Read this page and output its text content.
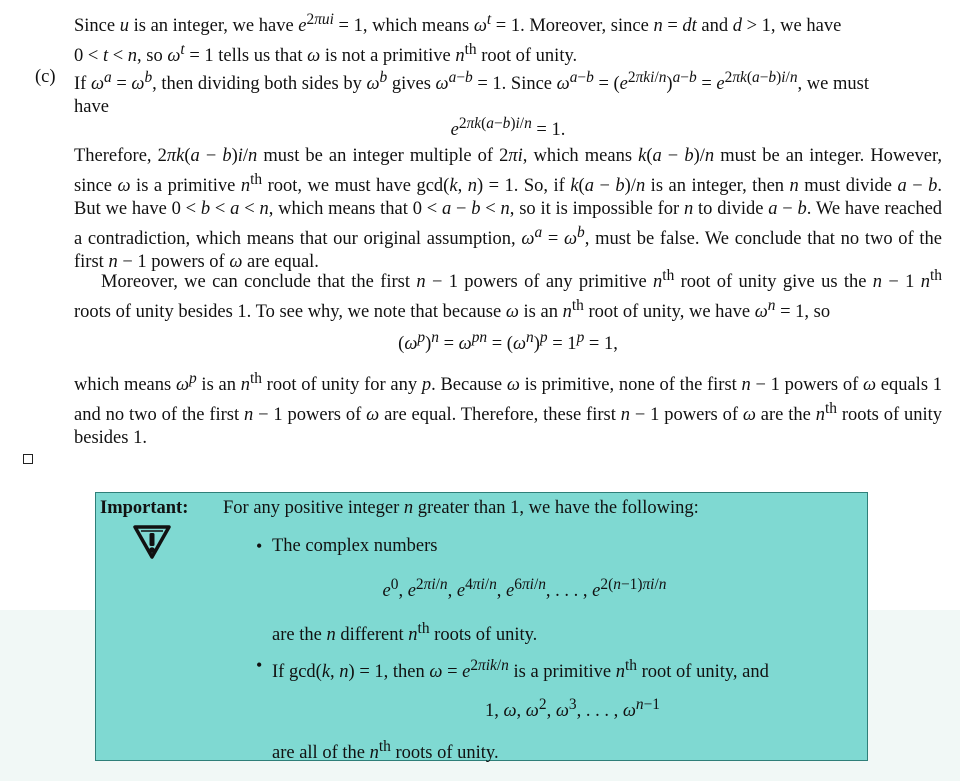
Since u is an integer, we have $e^{2\pi ui} = 1$, which means $\omega^t = 1$. Moreover, since n = dt and d > 1, we have
0 < t < n, so $\omega^t = 1$ tells us that ω is not a primitive $n^{th}$ root of unity.

(c) If $\omega^a = \omega^b$, then dividing both sides by $\omega^b$ gives $\omega^{a-b} = 1$. Since $\omega^{a-b} = (e^{2\pi ki/n})^{a-b} = e^{2\pi k(a-b)i/n}$, we must
have

$e^{2\pi k(a-b)i/n} = 1$.

Therefore, 2πk(a − b)i/n must be an integer multiple of 2πi, which means k(a − b)/n must be an integer. However, since ω is a primitive $n^{th}$ root, we must have gcd(k, n) = 1. So, if k(a − b)/n is an integer, then n must divide a − b. But we have 0 < b < a < n, which means that 0 < a − b < n, so it is impossible for n to divide a − b. We have reached a contradiction, which means that our original assumption, $\omega^a = \omega^b$, must be false. We conclude that no two of the first n − 1 powers of ω are equal.

Moreover, we can conclude that the first n − 1 powers of any primitive $n^{th}$ root of unity give us the n − 1 $n^{th}$ roots of unity besides 1. To see why, we note that because ω is an $n^{th}$ root of unity, we have $\omega^n = 1$, so

$(\omega^p)^n = \omega^{pn} = (\omega^n)^p = 1^p = 1$,

which means $\omega^p$ is an $n^{th}$ root of unity for any p. Because ω is primitive, none of the first n − 1 powers of ω equals 1 and no two of the first n − 1 powers of ω are equal. Therefore, these first n − 1 powers of ω are the $n^{th}$ roots of unity besides 1.

Important: For any positive integer n greater than 1, we have the following:
• The complex numbers
$e^0$, $e^{2\pi i/n}$, $e^{4\pi i/n}$, $e^{6\pi i/n}$, . . . , $e^{2(n-1)\pi i/n}$
are the n different $n^{th}$ roots of unity.
• If gcd(k, n) = 1, then $\omega = e^{2\pi ik/n}$ is a primitive $n^{th}$ root of unity, and
1, ω, $\omega^2$, $\omega^3$, . . . , $\omega^{n-1}$
are all of the $n^{th}$ roots of unity.
